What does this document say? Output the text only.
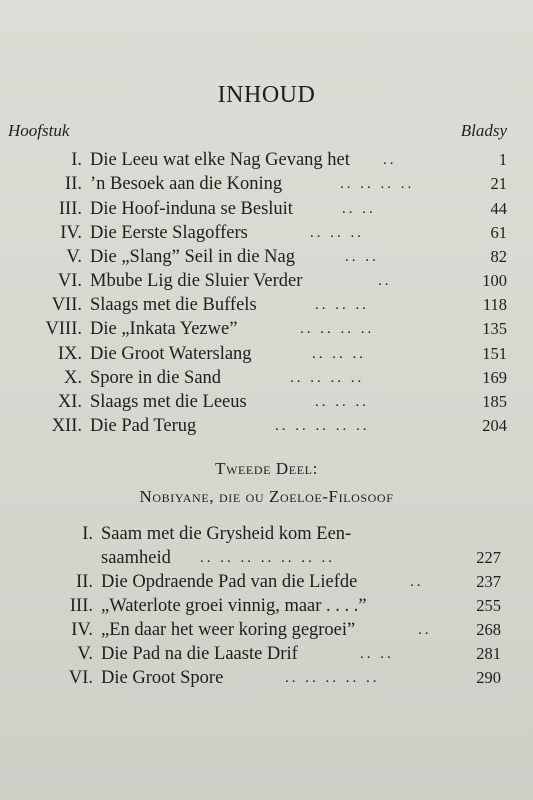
INHOUD
Hoofstuk	Bladsy
I. Die Leeu wat elke Nag Gevang het ..	1
II. ’n Besoek aan die Koning	.. .. .. ..	21
III. Die Hoof-induna se Besluit	.. ..	44
IV. Die Eerste Slagoffers	.. .. ..	61
V. Die „Slang” Seil in die Nag	.. ..	82
VI. Mbube Lig die Sluier Verder	..	100
VII. Slaags met die Buffels	.. .. ..	118
VIII. Die „Inkata Yezwe”	.. .. .. ..	135
IX. Die Groot Waterslang	.. .. ..	151
X. Spore in die Sand	.. .. .. ..	169
XI. Slaags met die Leeus	.. .. ..	185
XII. Die Pad Terug	.. .. .. .. ..	204
Tweede Deel:
Nobiyane, die ou Zoeloe-Filosoof
I. Saam met die Grysheid kom Een-
saamheid .. .. .. .. .. .. ..	227
II. Die Opdraende Pad van die Liefde	..	237
III. „Waterlote groei vinnig, maar . . . .”	255
IV. „En daar het weer koring gegroei”	..	268
V. Die Pad na die Laaste Drif	.. ..	281
VI. Die Groot Spore	.. .. .. .. ..	290
